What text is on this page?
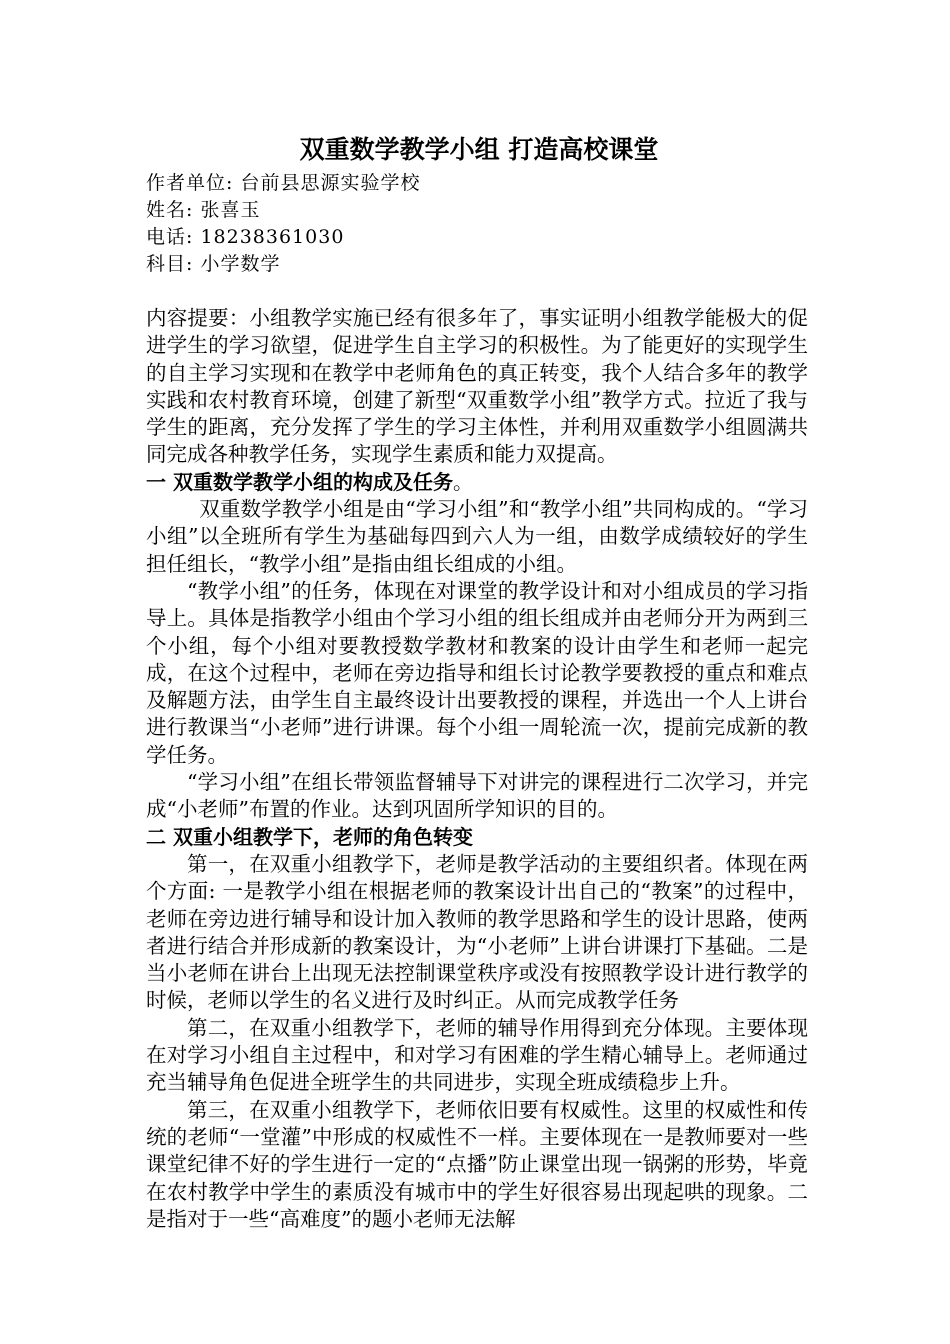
双重数学教学小组 打造高校课堂

作者单位: 台前县思源实验学校

姓名: 张喜玉

电话: 18238361030

科目: 小学数学

内容提要：小组教学实施已经有很多年了，事实证明小组教学能极大的促进学生的学习欲望，促进学生自主学习的积极性。为了能更好的实现学生的自主学习实现和在教学中老师角色的真正转变，我个人结合多年的教学实践和农村教育环境，创建了新型“双重数学小组”教学方式。拉近了我与学生的距离，充分发挥了学生的学习主体性，并利用双重数学小组圆满共同完成各种教学任务，实现学生素质和能力双提高。

一 双重数学教学小组的构成及任务。

双重数学教学小组是由“学习小组”和“教学小组”共同构成的。“学习小组”以全班所有学生为基础每四到六人为一组，由数学成绩较好的学生担任组长，“教学小组”是指由组长组成的小组。

“教学小组”的任务，体现在对课堂的教学设计和对小组成员的学习指导上。具体是指教学小组由个学习小组的组长组成并由老师分开为两到三个小组，每个小组对要教授数学教材和教案的设计由学生和老师一起完成，在这个过程中，老师在旁边指导和组长讨论教学要教授的重点和难点及解题方法，由学生自主最终设计出要教授的课程，并选出一个人上讲台进行教课当“小老师”进行讲课。每个小组一周轮流一次，提前完成新的教学任务。

“学习小组”在组长带领监督辅导下对讲完的课程进行二次学习，并完成“小老师”布置的作业。达到巩固所学知识的目的。

二 双重小组教学下，老师的角色转变

第一，在双重小组教学下，老师是教学活动的主要组织者。体现在两个方面: 一是教学小组在根据老师的教案设计出自己的“教案”的过程中，老师在旁边进行辅导和设计加入教师的教学思路和学生的设计思路，使两者进行结合并形成新的教案设计，为“小老师”上讲台讲课打下基础。二是当小老师在讲台上出现无法控制课堂秩序或没有按照教学设计进行教学的时候，老师以学生的名义进行及时纠正。从而完成教学任务

第二，在双重小组教学下，老师的辅导作用得到充分体现。主要体现在对学习小组自主过程中，和对学习有困难的学生精心辅导上。老师通过充当辅导角色促进全班学生的共同进步，实现全班成绩稳步上升。

第三，在双重小组教学下，老师依旧要有权威性。这里的权威性和传统的老师“一堂灌”中形成的权威性不一样。主要体现在一是教师要对一些课堂纪律不好的学生进行一定的“点播”防止课堂出现一锅粥的形势，毕竟在农村教学中学生的素质没有城市中的学生好很容易出现起哄的现象。二是指对于一些“高难度”的题小老师无法解
